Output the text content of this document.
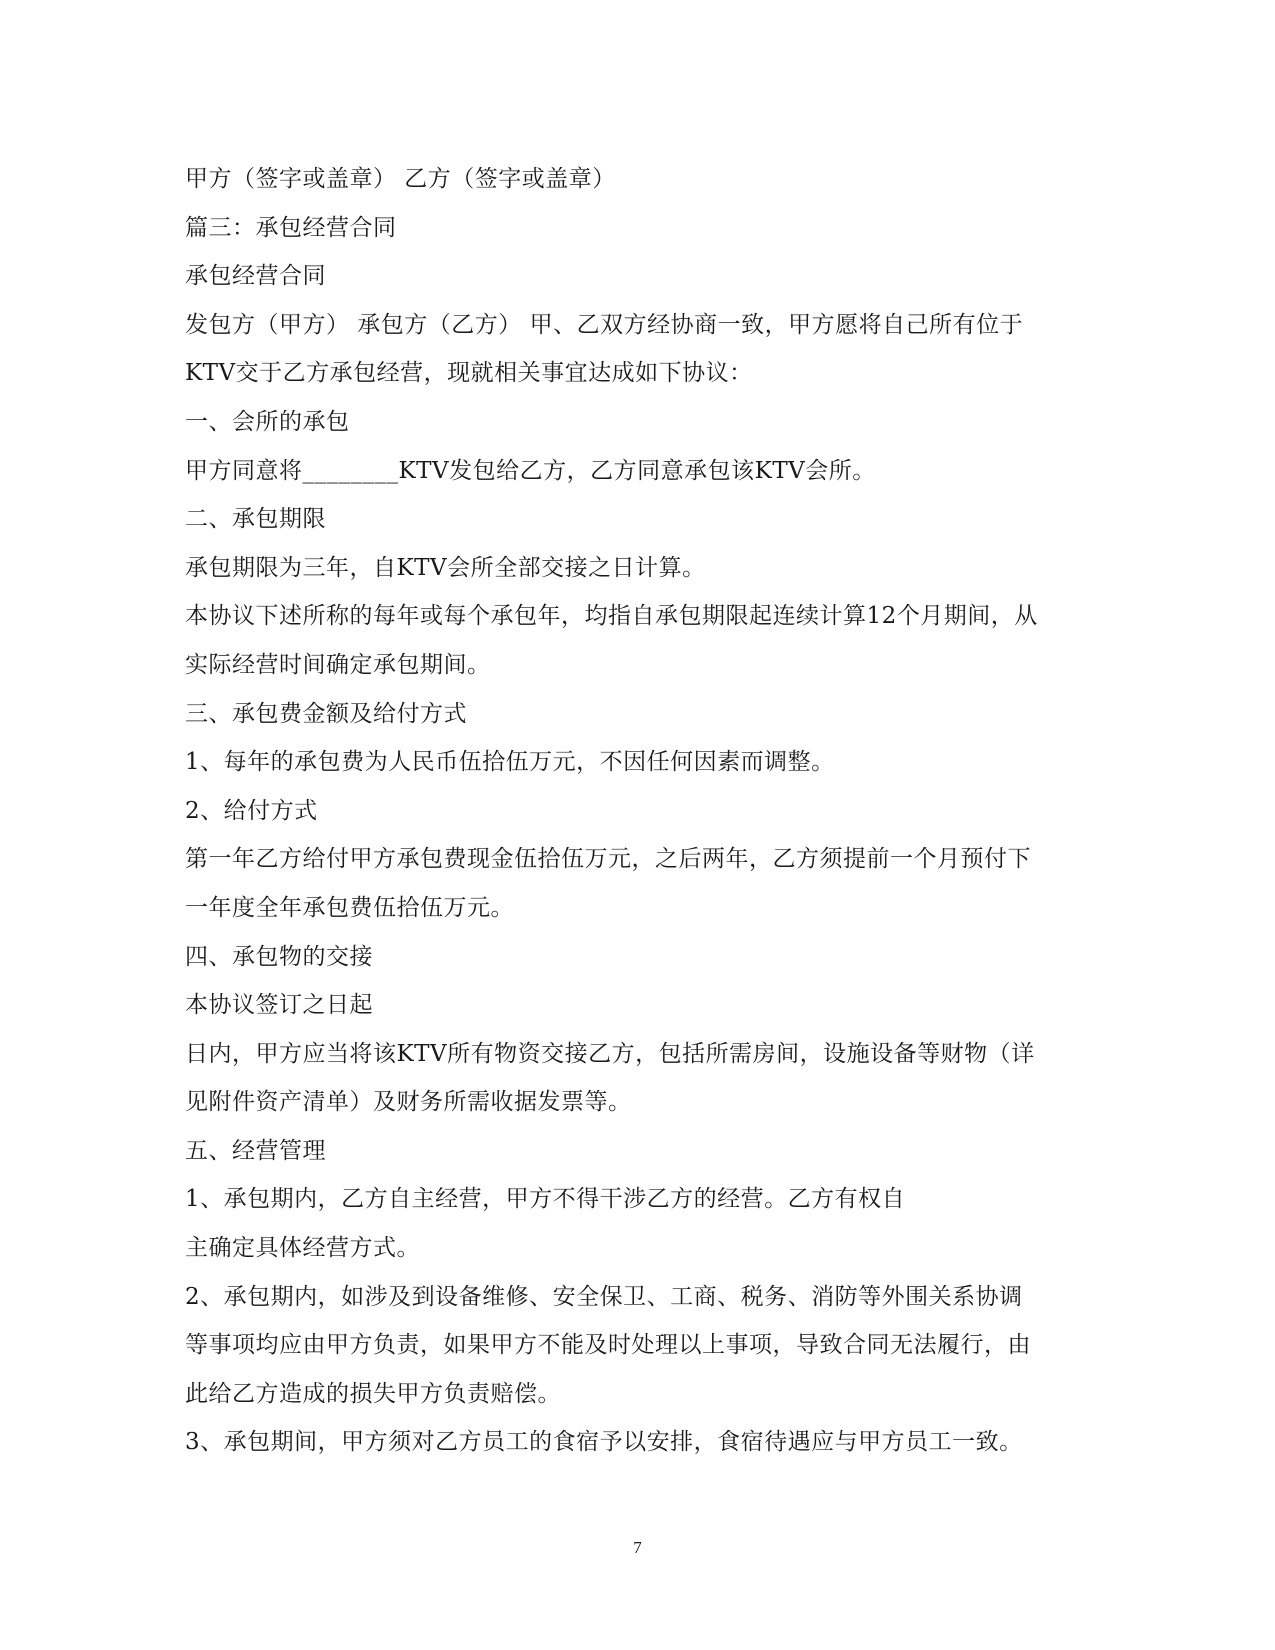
甲方（签字或盖章） 乙方（签字或盖章）
篇三：承包经营合同
承包经营合同
发包方（甲方） 承包方（乙方） 甲、乙双方经协商一致，甲方愿将自己所有位于
KTV交于乙方承包经营，现就相关事宜达成如下协议：
一、会所的承包
甲方同意将________KTV发包给乙方，乙方同意承包该KTV会所。
二、承包期限
承包期限为三年，自KTV会所全部交接之日计算。
本协议下述所称的每年或每个承包年，均指自承包期限起连续计算12个月期间，从
实际经营时间确定承包期间。
三、承包费金额及给付方式
1、每年的承包费为人民币伍拾伍万元，不因任何因素而调整。
2、给付方式
第一年乙方给付甲方承包费现金伍拾伍万元，之后两年，乙方须提前一个月预付下
一年度全年承包费伍拾伍万元。
四、承包物的交接
本协议签订之日起
日内，甲方应当将该KTV所有物资交接乙方，包括所需房间，设施设备等财物（详
见附件资产清单）及财务所需收据发票等。
五、经营管理
1、承包期内，乙方自主经营，甲方不得干涉乙方的经营。乙方有权自
主确定具体经营方式。
2、承包期内，如涉及到设备维修、安全保卫、工商、税务、消防等外围关系协调
等事项均应由甲方负责，如果甲方不能及时处理以上事项，导致合同无法履行，由
此给乙方造成的损失甲方负责赔偿。
3、承包期间，甲方须对乙方员工的食宿予以安排，食宿待遇应与甲方员工一致。
7
